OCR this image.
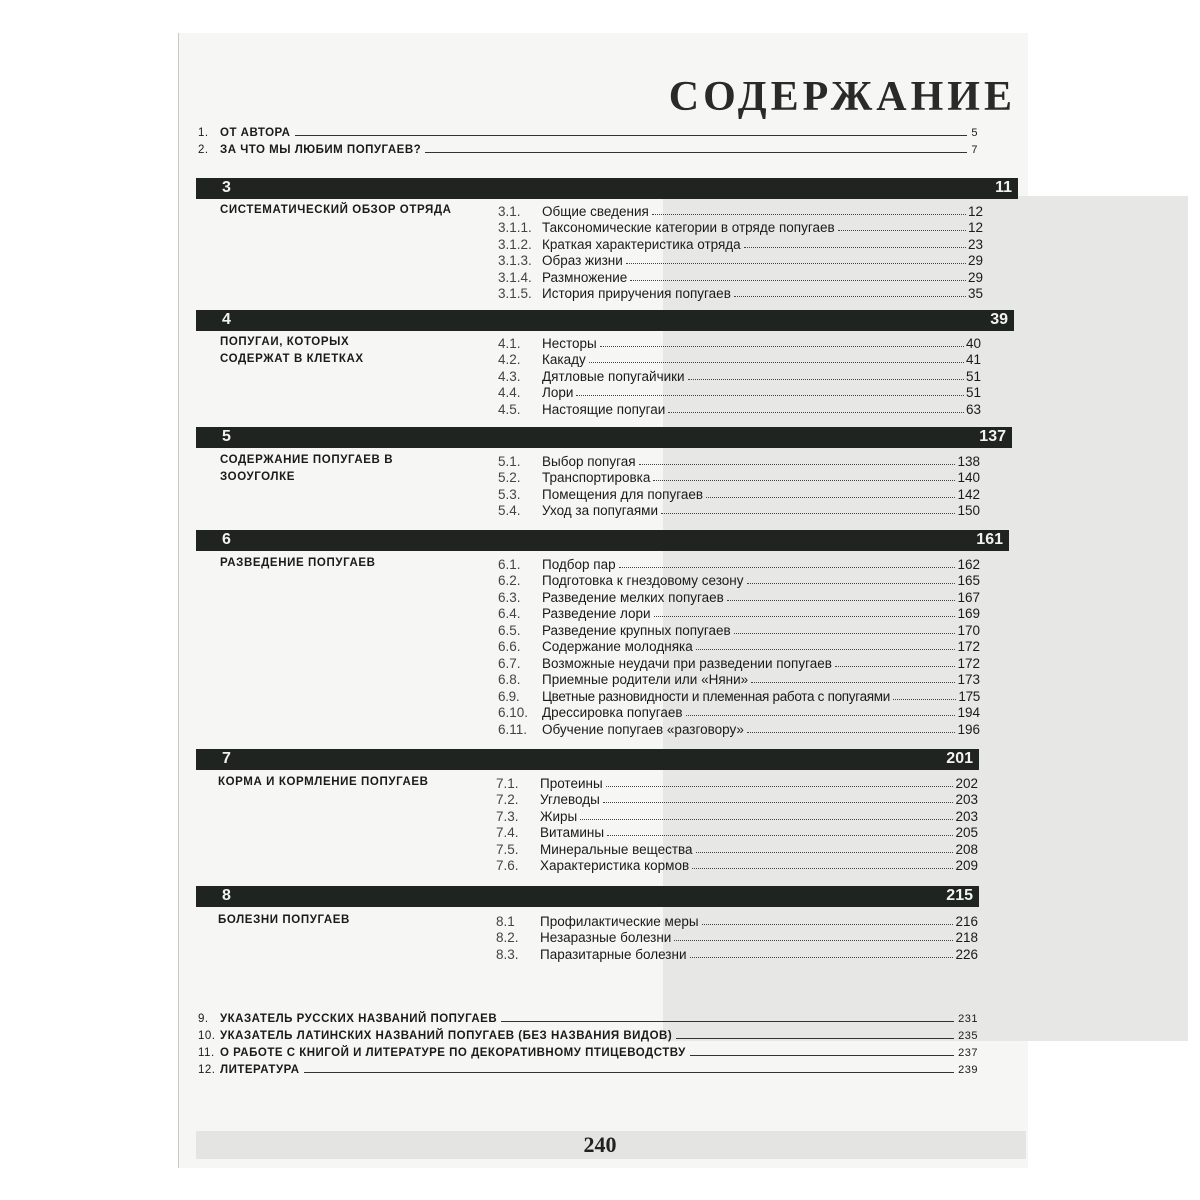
СОДЕРЖАНИЕ
1. ОТ АВТОРА	5
2. ЗА ЧТО МЫ ЛЮБИМ ПОПУГАЕВ?	7
3	11
СИСТЕМАТИЧЕСКИЙ ОБЗОР ОТРЯДА	3.1.	Общие сведения	12
3.1.1. Таксономические категории в отряде попугаев	12
3.1.2. Краткая характеристика отряда	23
3.1.3. Образ жизни	29
3.1.4. Размножение	29
3.1.5. История приручения попугаев	35
4	39
ПОПУГАИ, КОТОРЫХ СОДЕРЖАТ В КЛЕТКАХ
4.1.	Несторы	40
4.2.	Какаду	41
4.3.	Дятловые попугайчики	51
4.4.	Лори	51
4.5.	Настоящие попугаи	63
5	137
СОДЕРЖАНИЕ ПОПУГАЕВ В ЗООУГОЛКЕ
5.1.	Выбор попугая	138
5.2.	Транспортировка	140
5.3.	Помещения для попугаев	142
5.4.	Уход за попугаями	150
6	161
РАЗВЕДЕНИЕ ПОПУГАЕВ	6.1.	Подбор пар	162
6.2.	Подготовка к гнездовому сезону	165
6.3.	Разведение мелких попугаев	167
6.4.	Разведение лори	169
6.5.	Разведение крупных попугаев	170
6.6.	Содержание молодняка	172
6.7.	Возможные неудачи при разведении попугаев	172
6.8.	Приемные родители или «Няни»	173
6.9.	Цветные разновидности и племенная работа с попугаями	175
6.10.	Дрессировка попугаев	194
6.11.	Обучение попугаев «разговору»	196
7	201
КОРМА И КОРМЛЕНИЕ ПОПУГАЕВ	7.1.	Протеины	202
7.2.	Углеводы	203
7.3.	Жиры	203
7.4.	Витамины	205
7.5.	Минеральные вещества	208
7.6.	Характеристика кормов	209
8	215
БОЛЕЗНИ ПОПУГАЕВ	8.1	Профилактические меры	216
8.2.	Незаразные болезни	218
8.3.	Паразитарные болезни	226
9. УКАЗАТЕЛЬ РУССКИХ НАЗВАНИЙ ПОПУГАЕВ	231
10. УКАЗАТЕЛЬ ЛАТИНСКИХ НАЗВАНИЙ ПОПУГАЕВ (БЕЗ НАЗВАНИЯ ВИДОВ)	235
11. О РАБОТЕ С КНИГОЙ И ЛИТЕРАТУРЕ ПО ДЕКОРАТИВНОМУ ПТИЦЕВОДСТВУ	237
12. ЛИТЕРАТУРА	239
240
